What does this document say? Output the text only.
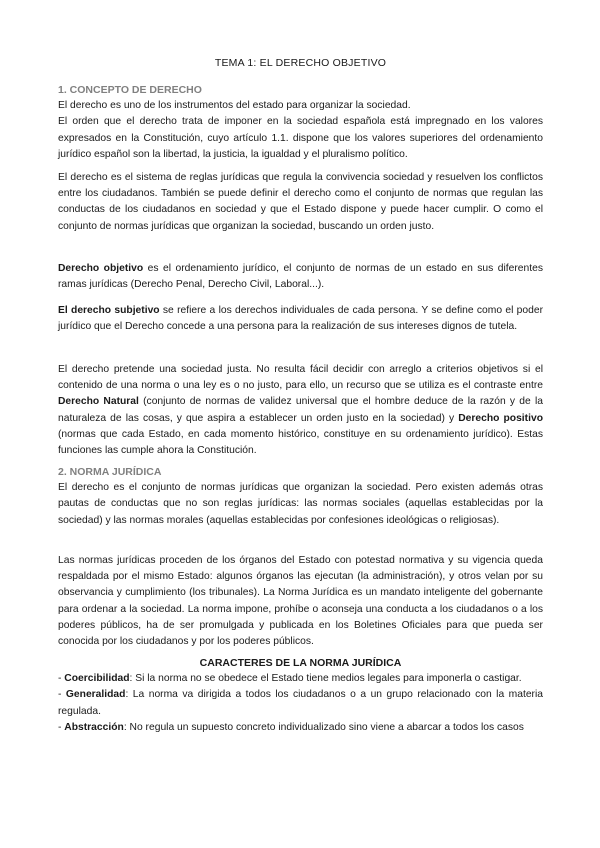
TEMA 1: EL DERECHO OBJETIVO

1. CONCEPTO DE DERECHO

El derecho es uno de los instrumentos del estado para organizar la sociedad.

El orden que el derecho trata de imponer en la sociedad española está impregnado en los valores expresados en la Constitución, cuyo artículo 1.1. dispone que los valores superiores del ordenamiento jurídico español son la libertad, la justicia, la igualdad y el pluralismo político.

El derecho es el sistema de reglas jurídicas que regula la convivencia sociedad y resuelven los conflictos entre los ciudadanos. También se puede definir el derecho como el conjunto de normas que regulan las conductas de los ciudadanos en sociedad y que el Estado dispone y puede hacer cumplir. O como el conjunto de normas jurídicas que organizan la sociedad, buscando un orden justo.
Derecho objetivo es el ordenamiento jurídico, el conjunto de normas de un estado en sus diferentes ramas jurídicas (Derecho Penal, Derecho Civil, Laboral...).
El derecho subjetivo se refiere a los derechos individuales de cada persona. Y se define como el poder jurídico que el Derecho concede a una persona para la realización de sus intereses dignos de tutela.
El derecho pretende una sociedad justa. No resulta fácil decidir con arreglo a criterios objetivos si el contenido de una norma o una ley es o no justo, para ello, un recurso que se utiliza es el contraste entre Derecho Natural (conjunto de normas de validez universal que el hombre deduce de la razón y de la naturaleza de las cosas, y que aspira a establecer un orden justo en la sociedad) y Derecho positivo (normas que cada Estado, en cada momento histórico, constituye en su ordenamiento jurídico). Estas funciones las cumple ahora la Constitución.

2. NORMA JURÍDICA

El derecho es el conjunto de normas jurídicas que organizan la sociedad. Pero existen además otras pautas de conductas que no son reglas jurídicas: las normas sociales (aquellas establecidas por la sociedad) y las normas morales (aquellas establecidas por confesiones ideológicas o religiosas).

Las normas jurídicas proceden de los órganos del Estado con potestad normativa y su vigencia queda respaldada por el mismo Estado: algunos órganos las ejecutan (la administración), y otros velan por su observancia y cumplimiento (los tribunales). La Norma Jurídica es un mandato inteligente del gobernante para ordenar a la sociedad. La norma impone, prohíbe o aconseja una conducta a los ciudadanos o a los poderes públicos, ha de ser promulgada y publicada en los Boletines Oficiales para que pueda ser conocida por los ciudadanos y por los poderes públicos.

CARACTERES DE LA NORMA JURÍDICA

- Coercibilidad: Si la norma no se obedece el Estado tiene medios legales para imponerla o castigar.

- Generalidad: La norma va dirigida a todos los ciudadanos o a un grupo relacionado con la materia regulada.

- Abstracción: No regula un supuesto concreto individualizado sino viene a abarcar a todos los casos
